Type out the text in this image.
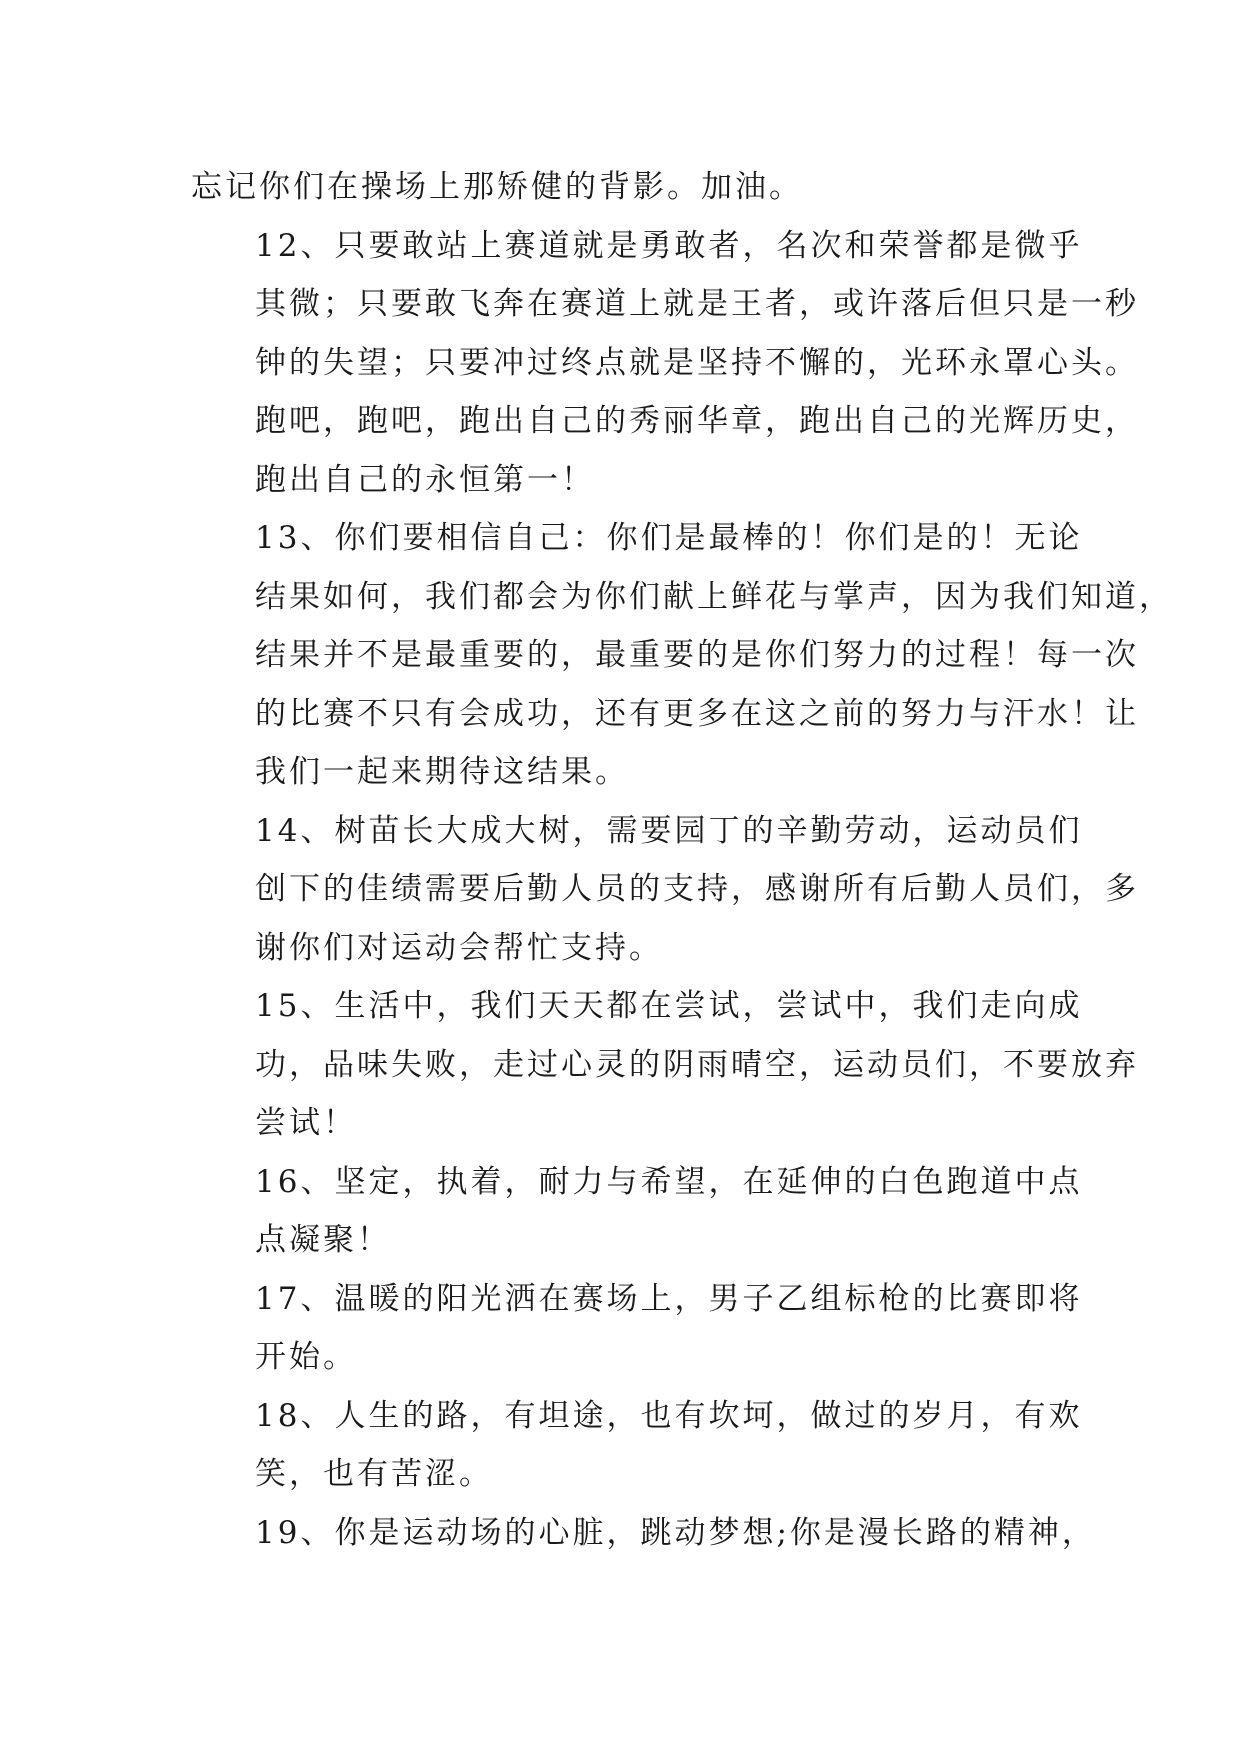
忘记你们在操场上那矫健的背影。加油。

12、只要敢站上赛道就是勇敢者，名次和荣誉都是微乎
其微；只要敢飞奔在赛道上就是王者，或许落后但只是一秒
钟的失望；只要冲过终点就是坚持不懈的，光环永罩心头。
跑吧，跑吧，跑出自己的秀丽华章，跑出自己的光辉历史，
跑出自己的永恒第一！

13、你们要相信自己：你们是最棒的！你们是的！无论
结果如何，我们都会为你们献上鲜花与掌声，因为我们知道，
结果并不是最重要的，最重要的是你们努力的过程！每一次
的比赛不只有会成功，还有更多在这之前的努力与汗水！让
我们一起来期待这结果。

14、树苗长大成大树，需要园丁的辛勤劳动，运动员们
创下的佳绩需要后勤人员的支持，感谢所有后勤人员们，多
谢你们对运动会帮忙支持。

15、生活中，我们天天都在尝试，尝试中，我们走向成
功，品味失败，走过心灵的阴雨晴空，运动员们，不要放弃
尝试！

16、坚定，执着，耐力与希望，在延伸的白色跑道中点
点凝聚！

17、温暖的阳光洒在赛场上，男子乙组标枪的比赛即将
开始。

18、人生的路，有坦途，也有坎坷，做过的岁月，有欢
笑，也有苦涩。

19、你是运动场的心脏，跳动梦想;你是漫长路的精神，
